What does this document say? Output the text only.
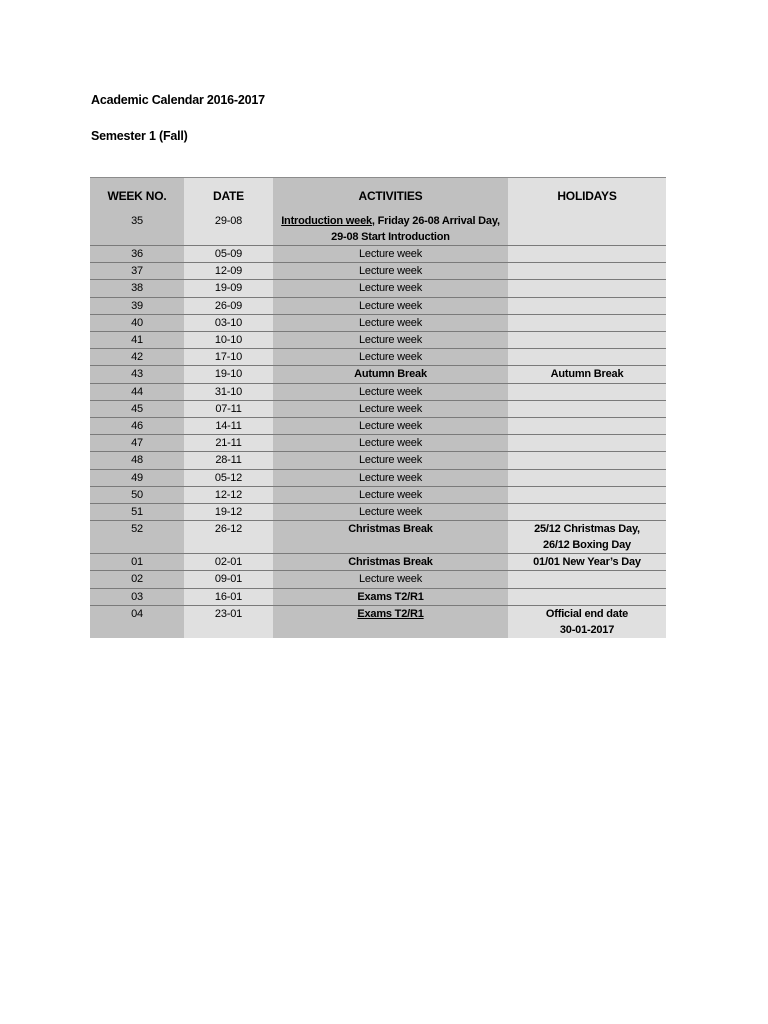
Academic Calendar 2016-2017
Semester 1 (Fall)
WEEK NO.	DATE	ACTIVITIES	HOLIDAYS
35	29-08	Introduction week, Friday 26-08 Arrival Day, 29-08 Start Introduction	
36	05-09	Lecture week	
37	12-09	Lecture week	
38	19-09	Lecture week	
39	26-09	Lecture week	
40	03-10	Lecture week	
41	10-10	Lecture week	
42	17-10	Lecture week	
43	19-10	Autumn Break	Autumn Break
44	31-10	Lecture week	
45	07-11	Lecture week	
46	14-11	Lecture week	
47	21-11	Lecture week	
48	28-11	Lecture week	
49	05-12	Lecture week	
50	12-12	Lecture week	
51	19-12	Lecture week	
52	26-12	Christmas Break	25/12 Christmas Day, 26/12 Boxing Day
01	02-01	Christmas Break	01/01 New Year’s Day
02	09-01	Lecture week	
03	16-01	Exams T2/R1	
04	23-01	Exams T2/R1	Official end date 30-01-2017
